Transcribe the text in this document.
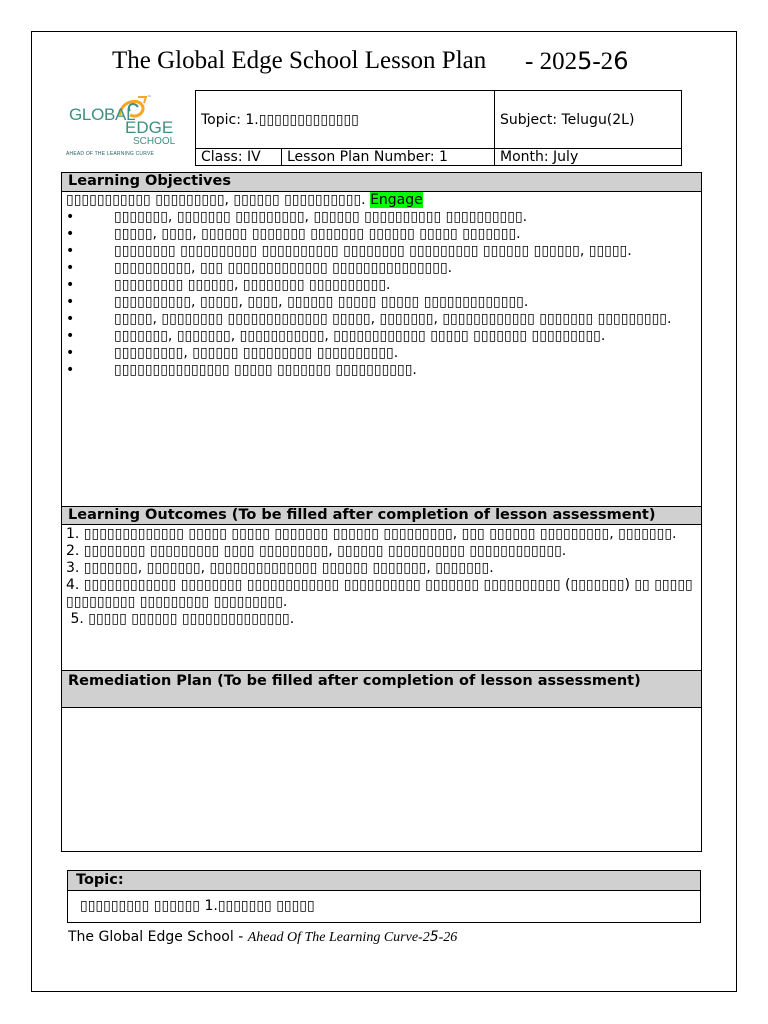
The Global Edge School Lesson Plan - 2025-26
™
GLOBAL
EDGE
SCHOOL
AHEAD OF THE LEARNING CURVE
Topic: 1.▯▯▯▯▯▯▯▯▯▯▯▯▯		Subject: Telugu(2L)
Class: IV	Lesson Plan Number: 1	Month: July
Learning Objectives
▯▯▯▯▯▯▯▯▯▯▯ ▯▯▯▯▯▯▯▯▯, ▯▯▯▯▯▯ ▯▯▯▯▯▯▯▯▯▯. Engage
•	▯▯▯▯▯▯▯, ▯▯▯▯▯▯▯ ▯▯▯▯▯▯▯▯▯, ▯▯▯▯▯▯ ▯▯▯▯▯▯▯▯▯▯ ▯▯▯▯▯▯▯▯▯▯.
•	▯▯▯▯▯, ▯▯▯▯, ▯▯▯▯▯▯ ▯▯▯▯▯▯▯ ▯▯▯▯▯▯▯ ▯▯▯▯▯▯ ▯▯▯▯▯ ▯▯▯▯▯▯▯.
•	▯▯▯▯▯▯▯▯ ▯▯▯▯▯▯▯▯▯▯ ▯▯▯▯▯▯▯▯▯▯ ▯▯▯▯▯▯▯▯ ▯▯▯▯▯▯▯▯▯ ▯▯▯▯▯▯ ▯▯▯▯▯▯, ▯▯▯▯▯.
•	▯▯▯▯▯▯▯▯▯▯, ▯▯▯ ▯▯▯▯▯▯▯▯▯▯▯▯▯ ▯▯▯▯▯▯▯▯▯▯▯▯▯▯▯.
•	▯▯▯▯▯▯▯▯▯ ▯▯▯▯▯▯, ▯▯▯▯▯▯▯▯ ▯▯▯▯▯▯▯▯▯▯.
•	▯▯▯▯▯▯▯▯▯▯, ▯▯▯▯▯, ▯▯▯▯, ▯▯▯▯▯▯ ▯▯▯▯▯ ▯▯▯▯▯ ▯▯▯▯▯▯▯▯▯▯▯▯▯.
•	▯▯▯▯▯, ▯▯▯▯▯▯▯▯ ▯▯▯▯▯▯▯▯▯▯▯▯▯ ▯▯▯▯▯, ▯▯▯▯▯▯▯, ▯▯▯▯▯▯▯▯▯▯▯▯ ▯▯▯▯▯▯▯ ▯▯▯▯▯▯▯▯▯.
•	▯▯▯▯▯▯▯, ▯▯▯▯▯▯▯, ▯▯▯▯▯▯▯▯▯▯▯, ▯▯▯▯▯▯▯▯▯▯▯▯ ▯▯▯▯▯ ▯▯▯▯▯▯▯ ▯▯▯▯▯▯▯▯▯.
•	▯▯▯▯▯▯▯▯▯, ▯▯▯▯▯▯ ▯▯▯▯▯▯▯▯▯ ▯▯▯▯▯▯▯▯▯▯.
•	▯▯▯▯▯▯▯▯▯▯▯▯▯▯▯ ▯▯▯▯▯ ▯▯▯▯▯▯▯ ▯▯▯▯▯▯▯▯▯▯.
Learning Outcomes (To be filled after completion of lesson assessment)
1. ▯▯▯▯▯▯▯▯▯▯▯▯▯ ▯▯▯▯▯ ▯▯▯▯▯ ▯▯▯▯▯▯▯ ▯▯▯▯▯▯ ▯▯▯▯▯▯▯▯▯, ▯▯▯ ▯▯▯▯▯▯ ▯▯▯▯▯▯▯▯▯, ▯▯▯▯▯▯▯.
2. ▯▯▯▯▯▯▯▯ ▯▯▯▯▯▯▯▯▯ ▯▯▯▯ ▯▯▯▯▯▯▯▯▯, ▯▯▯▯▯▯ ▯▯▯▯▯▯▯▯▯▯ ▯▯▯▯▯▯▯▯▯▯▯▯.
3. ▯▯▯▯▯▯▯, ▯▯▯▯▯▯▯, ▯▯▯▯▯▯▯▯▯▯▯▯▯▯ ▯▯▯▯▯▯ ▯▯▯▯▯▯▯, ▯▯▯▯▯▯▯.
4. ▯▯▯▯▯▯▯▯▯▯▯▯ ▯▯▯▯▯▯▯▯ ▯▯▯▯▯▯▯▯▯▯▯▯ ▯▯▯▯▯▯▯▯▯▯ ▯▯▯▯▯▯▯ ▯▯▯▯▯▯▯▯▯▯ (▯▯▯▯▯▯▯) ▯▯ ▯▯▯▯▯ ▯▯▯▯▯▯▯▯▯ ▯▯▯▯▯▯▯▯▯ ▯▯▯▯▯▯▯▯▯.
5. ▯▯▯▯▯ ▯▯▯▯▯▯ ▯▯▯▯▯▯▯▯▯▯▯▯▯▯.
Remediation Plan (To be filled after completion of lesson assessment)
Topic:
▯▯▯▯▯▯▯▯▯ ▯▯▯▯▯▯ 1.▯▯▯▯▯▯▯ ▯▯▯▯▯
The Global Edge School - Ahead Of The Learning Curve-25-26
